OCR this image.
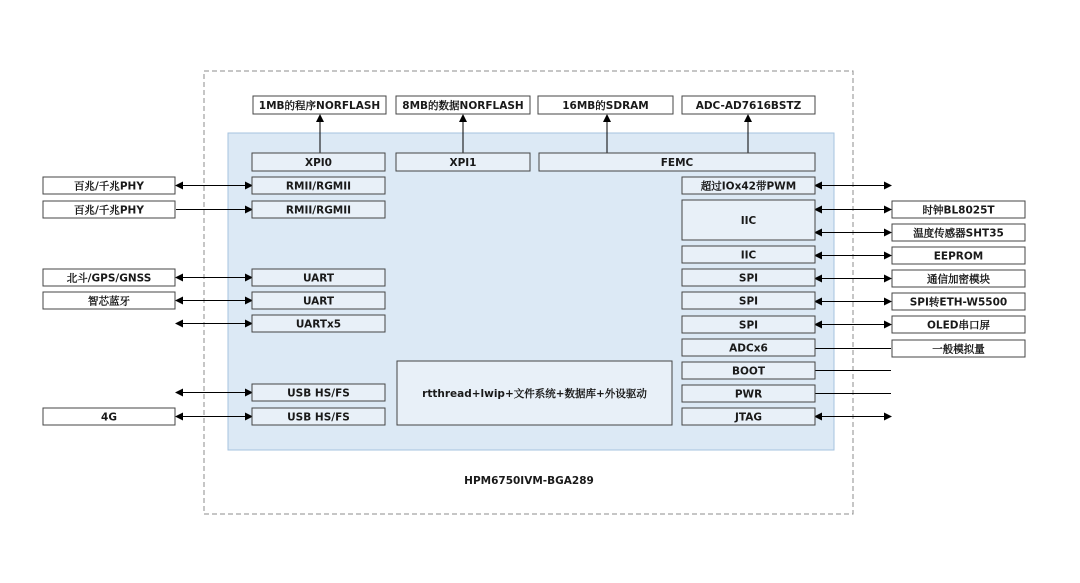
1MB的程序NORFLASH 8MB的数据NORFLASH	16MB的SDRAM	ADC-AD7616BSTZ
XPI0	XPI1	FEMC
RMII/RGMII
RMII/RGMII
UART
UART
UARTx5
USB HS/FS
USB HS/FS
百兆/千兆PHY
百兆/千兆PHY
北斗/GPS/GNSS
智芯蓝牙
4G
超过IOx42带PWM
IIC
IIC
SPI
SPI
SPI
ADCx6
BOOT
PWR
JTAG
时钟BL8025T
温度传感器SHT35
EEPROM
通信加密模块
SPI转ETH-W5500
OLED串口屏
一般模拟量
rtthread+lwip+文件系统+数据库+外设驱动
HPM6750IVM-BGA289
